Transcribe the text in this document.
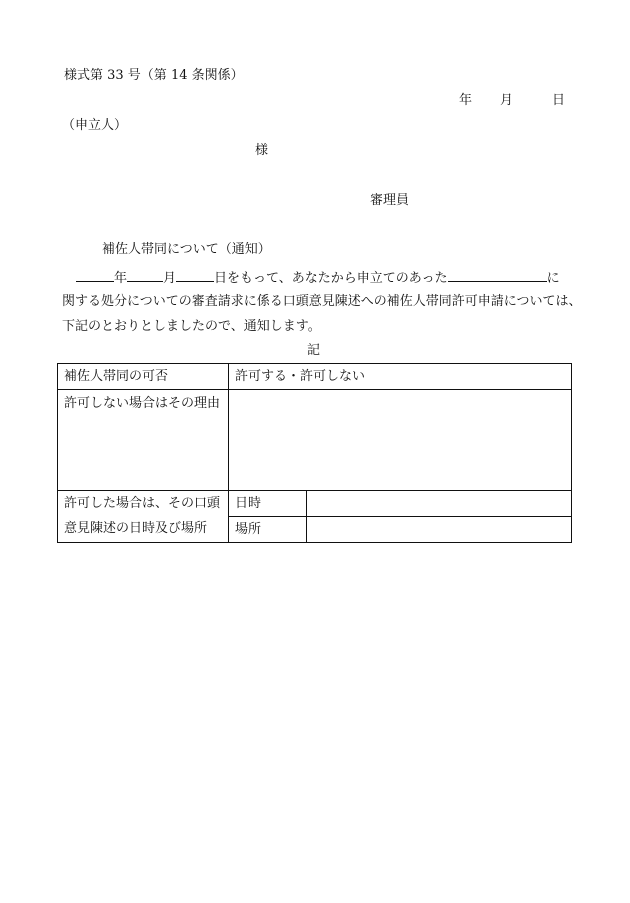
様式第 33 号（第 14 条関係）
年 月	日
（申立人）
様
審理員
補佐人帯同について（通知）
年	月	日をもって、あなたから申立てのあった	に
関する処分についての審査請求に係る口頭意見陳述への補佐人帯同許可申請については、
下記のとおりとしましたので、通知します。
記
補佐人帯同の可否	許可する・許可しない	
許可しない場合はその理由		
許可した場合は、その口頭	日時	
意見陳述の日時及び場所	場所	
